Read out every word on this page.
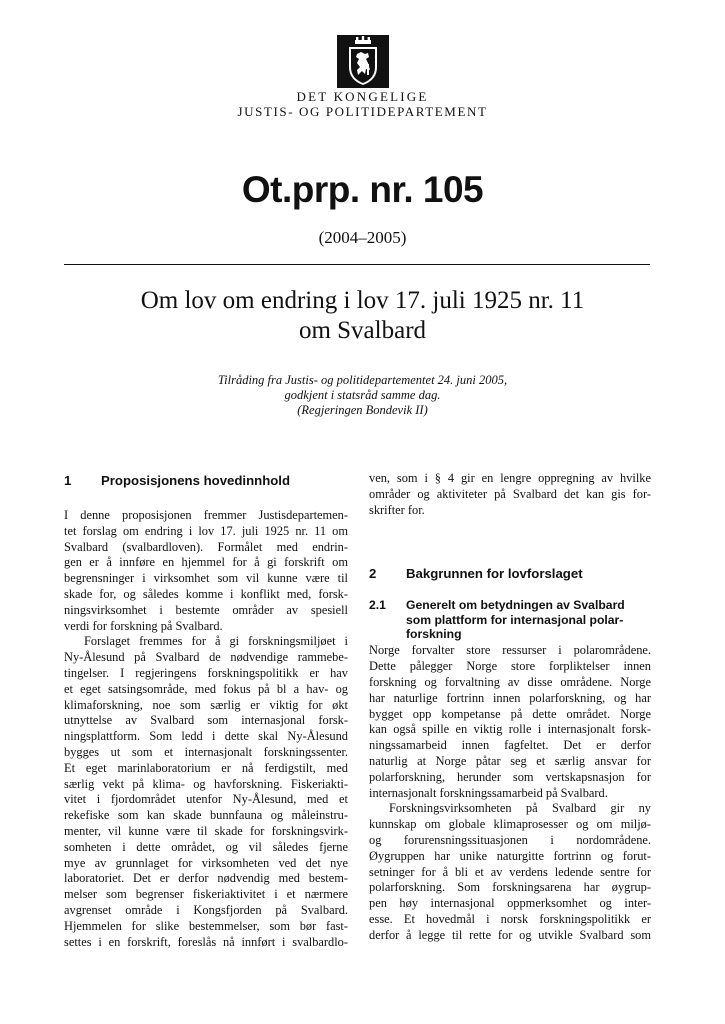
DET KONGELIGE
JUSTIS- OG POLITIDEPARTEMENT
Ot.prp. nr. 105
(2004–2005)
Om lov om endring i lov 17. juli 1925 nr. 11
om Svalbard
Tilråding fra Justis- og politidepartementet 24. juni 2005,
godkjent i statsråd samme dag.
(Regjeringen Bondevik II)
1 Proposisjonens hovedinnhold
I denne proposisjonen fremmer Justisdepartemen-
tet forslag om endring i lov 17. juli 1925 nr. 11 om
Svalbard (svalbardloven). Formålet med endrin-
gen er å innføre en hjemmel for å gi forskrift om
begrensninger i virksomhet som vil kunne være til
skade for, og således komme i konflikt med, forsk-
ningsvirksomhet i bestemte områder av spesiell
verdi for forskning på Svalbard.
Forslaget fremmes for å gi forskningsmiljøet i
Ny-Ålesund på Svalbard de nødvendige rammebe-
tingelser. I regjeringens forskningspolitikk er hav
et eget satsingsområde, med fokus på bl a hav- og
klimaforskning, noe som særlig er viktig for økt
utnyttelse av Svalbard som internasjonal forsk-
ningsplattform. Som ledd i dette skal Ny-Ålesund
bygges ut som et internasjonalt forskningssenter.
Et eget marinlaboratorium er nå ferdigstilt, med
særlig vekt på klima- og havforskning. Fiskeriakti-
vitet i fjordområdet utenfor Ny-Ålesund, med et
rekefiske som kan skade bunnfauna og måleinstru-
menter, vil kunne være til skade for forskningsvirk-
somheten i dette området, og vil således fjerne
mye av grunnlaget for virksomheten ved det nye
laboratoriet. Det er derfor nødvendig med bestem-
melser som begrenser fiskeriaktivitet i et nærmere
avgrenset område i Kongsfjorden på Svalbard.
Hjemmelen for slike bestemmelser, som bør fast-
settes i en forskrift, foreslås nå innført i svalbardlo-
ven, som i § 4 gir en lengre oppregning av hvilke
områder og aktiviteter på Svalbard det kan gis for-
skrifter for.
2 Bakgrunnen for lovforslaget
2.1 Generelt om betydningen av Svalbard
som plattform for internasjonal polar-
forskning
Norge forvalter store ressurser i polarområdene.
Dette pålegger Norge store forpliktelser innen
forskning og forvaltning av disse områdene. Norge
har naturlige fortrinn innen polarforskning, og har
bygget opp kompetanse på dette området. Norge
kan også spille en viktig rolle i internasjonalt forsk-
ningssamarbeid innen fagfeltet. Det er derfor
naturlig at Norge påtar seg et særlig ansvar for
polarforskning, herunder som vertskapsnasjon for
internasjonalt forskningssamarbeid på Svalbard.
Forskningsvirksomheten på Svalbard gir ny
kunnskap om globale klimaprosesser og om miljø-
og forurensningssituasjonen i nordområdene.
Øygruppen har unike naturgitte fortrinn og forut-
setninger for å bli et av verdens ledende sentre for
polarforskning. Som forskningsarena har øygrup-
pen høy internasjonal oppmerksomhet og inter-
esse. Et hovedmål i norsk forskningspolitikk er
derfor å legge til rette for og utvikle Svalbard som
